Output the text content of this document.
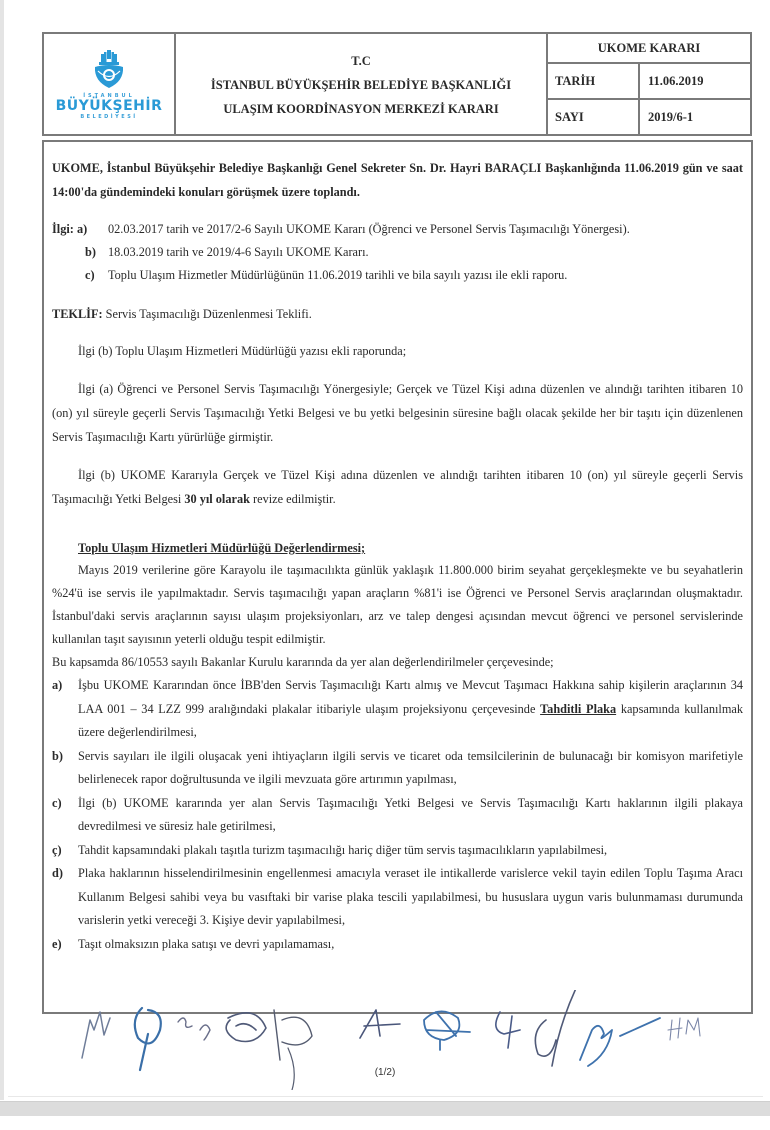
İSTANBUL
BÜYÜKŞEHİR
BELEDİYESİ
T.C
İSTANBUL BÜYÜKŞEHİR BELEDİYE BAŞKANLIĞI
ULAŞIM KOORDİNASYON MERKEZİ KARARI
UKOME KARARI
TARİH	11.06.2019
SAYI	2019/6-1

UKOME, İstanbul Büyükşehir Belediye Başkanlığı Genel Sekreter Sn. Dr. Hayri BARAÇLI Başkanlığında 11.06.2019 gün ve saat 14:00'da gündemindeki konuları görüşmek üzere toplandı.

İlgi: a)	02.03.2017 tarih ve 2017/2-6 Sayılı UKOME Kararı (Öğrenci ve Personel Servis Taşımacılığı Yönergesi).
b) 18.03.2019 tarih ve 2019/4-6 Sayılı UKOME Kararı.
c)	Toplu Ulaşım Hizmetler Müdürlüğünün 11.06.2019 tarihli ve bila sayılı yazısı ile ekli raporu.
TEKLİF: Servis Taşımacılığı Düzenlenmesi Teklifi.

İlgi (b) Toplu Ulaşım Hizmetleri Müdürlüğü yazısı ekli raporunda;

İlgi (a) Öğrenci ve Personel Servis Taşımacılığı Yönergesiyle; Gerçek ve Tüzel Kişi adına düzenlen ve alındığı tarihten itibaren 10 (on) yıl süreyle geçerli Servis Taşımacılığı Yetki Belgesi ve bu yetki belgesinin süresine bağlı olacak şekilde her bir taşıtı için düzenlenen Servis Taşımacılığı Kartı yürürlüğe girmiştir.

İlgi (b) UKOME Kararıyla Gerçek ve Tüzel Kişi adına düzenlen ve alındığı tarihten itibaren 10 (on) yıl süreyle geçerli Servis Taşımacılığı Yetki Belgesi 30 yıl olarak revize edilmiştir.

Toplu Ulaşım Hizmetleri Müdürlüğü Değerlendirmesi;

Mayıs 2019 verilerine göre Karayolu ile taşımacılıkta günlük yaklaşık 11.800.000 birim seyahat gerçekleşmekte ve bu seyahatlerin %24'ü ise servis ile yapılmaktadır. Servis taşımacılığı yapan araçların %81'i ise Öğrenci ve Personel Servis araçlarından oluşmaktadır. İstanbul'daki servis araçlarının sayısı ulaşım projeksiyonları, arz ve talep dengesi açısından mevcut öğrenci ve personel servislerinde kullanılan taşıt sayısının yeterli olduğu tespit edilmiştir.

Bu kapsamda 86/10553 sayılı Bakanlar Kurulu kararında da yer alan değerlendirilmeler çerçevesinde;

a)	İşbu UKOME Kararından önce İBB'den Servis Taşımacılığı Kartı almış ve Mevcut Taşımacı Hakkına sahip kişilerin araçlarının 34 LAA 001 – 34 LZZ 999 aralığındaki plakalar itibariyle ulaşım projeksiyonu çerçevesinde Tahditli Plaka kapsamında kullanılmak üzere değerlendirilmesi,
b)	Servis sayıları ile ilgili oluşacak yeni ihtiyaçların ilgili servis ve ticaret oda temsilcilerinin de bulunacağı bir komisyon marifetiyle belirlenecek rapor doğrultusunda ve ilgili mevzuata göre artırımın yapılması,
c)	İlgi (b) UKOME kararında yer alan Servis Taşımacılığı Yetki Belgesi ve Servis Taşımacılığı Kartı haklarının ilgili plakaya devredilmesi ve süresiz hale getirilmesi,
ç)	Tahdit kapsamındaki plakalı taşıtla turizm taşımacılığı hariç diğer tüm servis taşımacılıkların yapılabilmesi,
d)	Plaka haklarının hisselendirilmesinin engellenmesi amacıyla veraset ile intikallerde varislerce vekil tayin edilen Toplu Taşıma Aracı Kullanım Belgesi sahibi veya bu vasıftaki bir varise plaka tescili yapılabilmesi, bu hususlara uygun varis bulunmaması durumunda varislerin yetki vereceği 3. Kişiye devir yapılabilmesi,
e)	Taşıt olmaksızın plaka satışı ve devri yapılamaması,
(1/2)
